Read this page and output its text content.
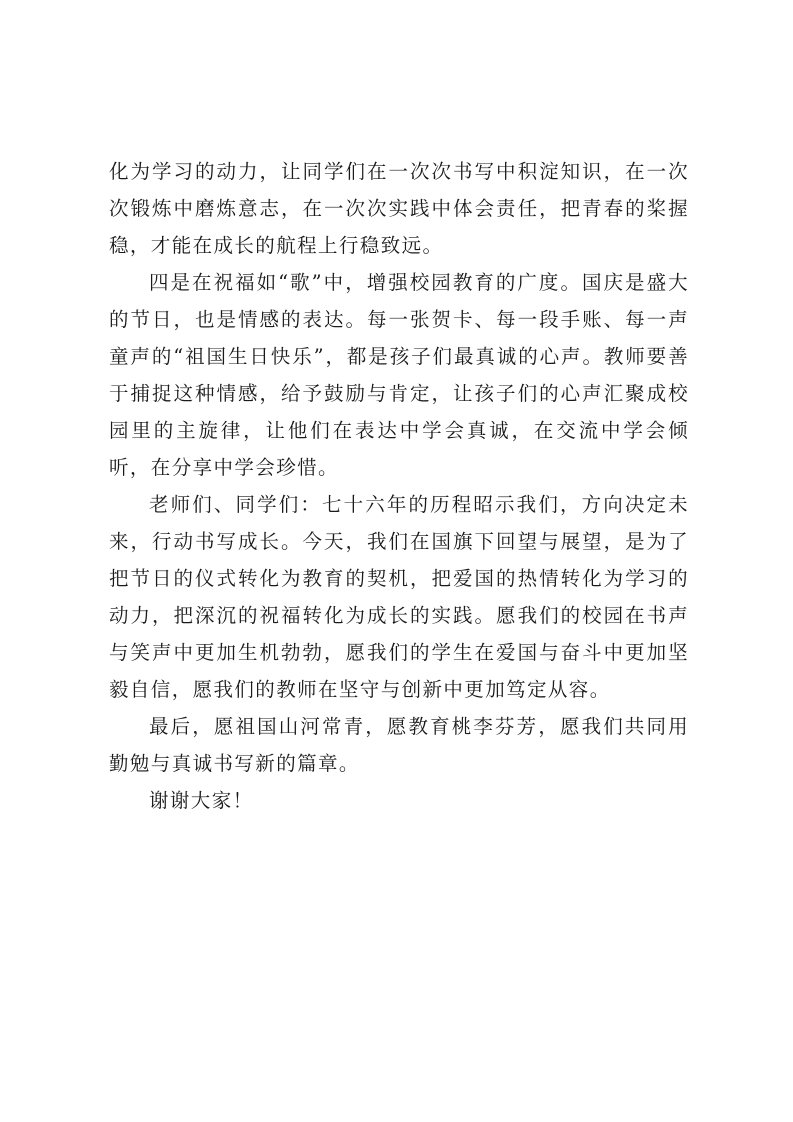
化为学习的动力，让同学们在一次次书写中积淀知识，在一次次锻炼中磨炼意志，在一次次实践中体会责任，把青春的桨握稳，才能在成长的航程上行稳致远。

四是在祝福如“歌”中，增强校园教育的广度。国庆是盛大的节日，也是情感的表达。每一张贺卡、每一段手账、每一声童声的“祖国生日快乐”，都是孩子们最真诚的心声。教师要善于捕捉这种情感，给予鼓励与肯定，让孩子们的心声汇聚成校园里的主旋律，让他们在表达中学会真诚，在交流中学会倾听，在分享中学会珍惜。

老师们、同学们：七十六年的历程昭示我们，方向决定未来，行动书写成长。今天，我们在国旗下回望与展望，是为了把节日的仪式转化为教育的契机，把爱国的热情转化为学习的动力，把深沉的祝福转化为成长的实践。愿我们的校园在书声与笑声中更加生机勃勃，愿我们的学生在爱国与奋斗中更加坚毅自信，愿我们的教师在坚守与创新中更加笃定从容。

最后，愿祖国山河常青，愿教育桃李芬芳，愿我们共同用勤勉与真诚书写新的篇章。

谢谢大家！
